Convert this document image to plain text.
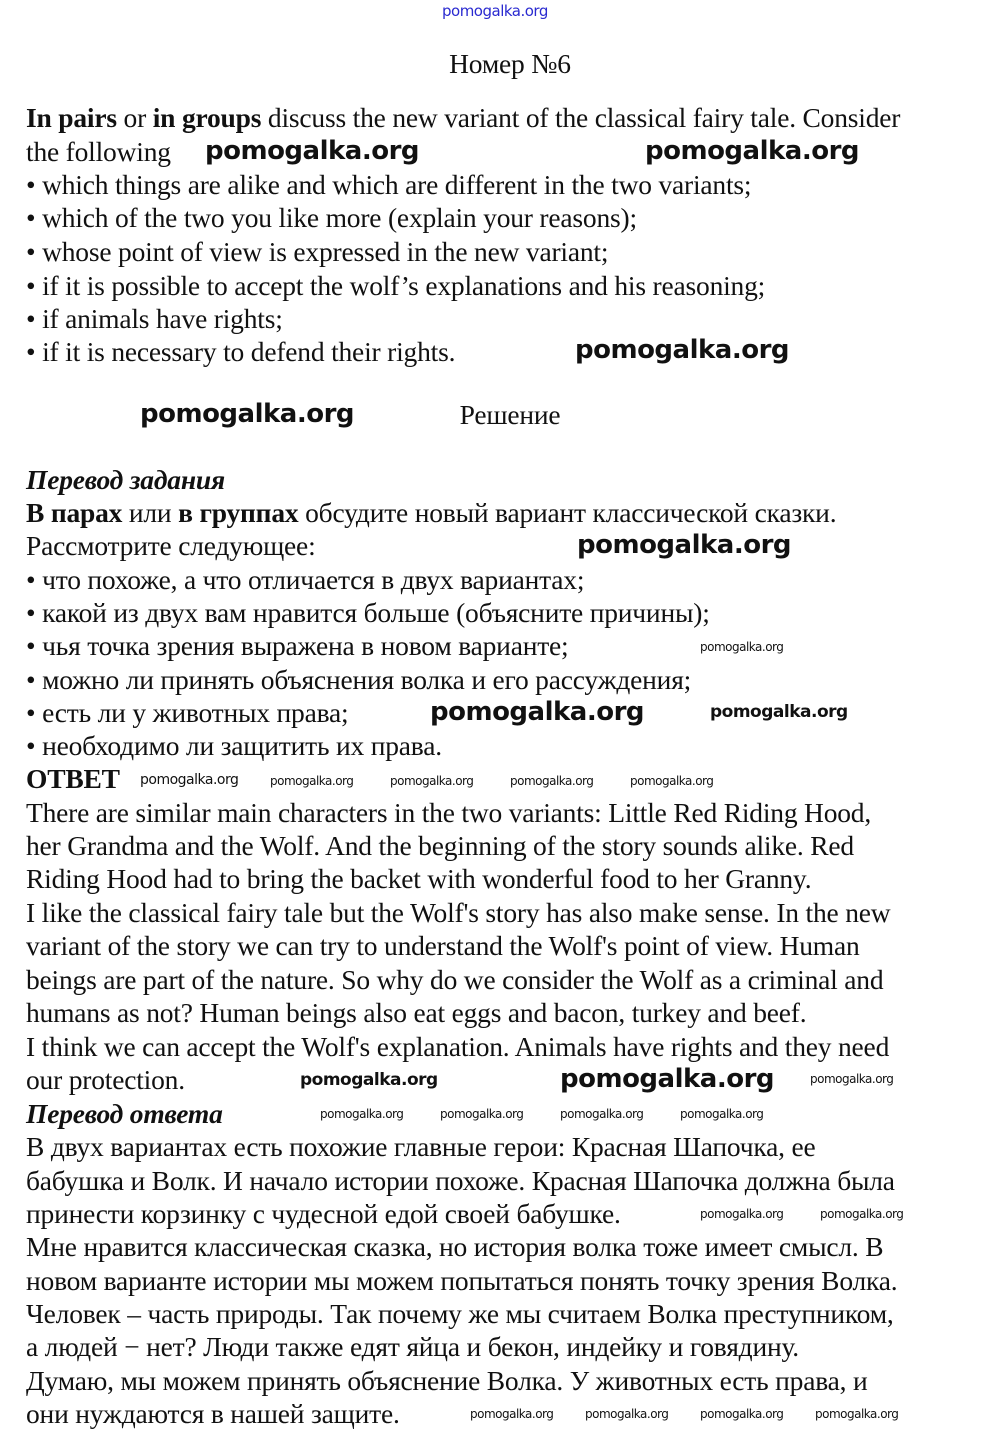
pomogalka.org
Номер №6
In pairs or in groups discuss the new variant of the classical fairy tale. Consider
the following
• which things are alike and which are different in the two variants;
• which of the two you like more (explain your reasons);
• whose point of view is expressed in the new variant;
• if it is possible to accept the wolf’s explanations and his reasoning;
• if animals have rights;
• if it is necessary to defend their rights.
Решение
Перевод задания
В парах или в группах обсудите новый вариант классической сказки.
Рассмотрите следующее:
• что похоже, а что отличается в двух вариантах;
• какой из двух вам нравится больше (объясните причины);
• чья точка зрения выражена в новом варианте;
• можно ли принять объяснения волка и его рассуждения;
• есть ли у животных права;
• необходимо ли защитить их права.
ОТВЕТ
There are similar main characters in the two variants: Little Red Riding Hood,
her Grandma and the Wolf. And the beginning of the story sounds alike. Red
Riding Hood had to bring the backet with wonderful food to her Granny.
I like the classical fairy tale but the Wolf's story has also make sense. In the new
variant of the story we can try to understand the Wolf's point of view. Human
beings are part of the nature. So why do we consider the Wolf as a criminal and
humans as not? Human beings also eat eggs and bacon, turkey and beef.
I think we can accept the Wolf's explanation. Animals have rights and they need
our protection.
Перевод ответа
В двух вариантах есть похожие главные герои: Красная Шапочка, ее
бабушка и Волк. И начало истории похоже. Красная Шапочка должна была
принести корзинку с чудесной едой своей бабушке.
Мне нравится классическая сказка, но история волка тоже имеет смысл. В
новом варианте истории мы можем попытаться понять точку зрения Волка.
Человек – часть природы. Так почему же мы считаем Волка преступником,
а людей − нет? Люди также едят яйца и бекон, индейку и говядину.
Думаю, мы можем принять объяснение Волка. У животных есть права, и
они нуждаются в нашей защите.
pomogalka.org	pomogalka.org
pomogalka.org
pomogalka.org
pomogalka.org
pomogalka.org
pomogalka.org
pomogalka.org
pomogalka.org
pomogalka.org
pomogalka.org
pomogalka.org	pomogalka.org	pomogalka.org	pomogalka.org
pomogalka.org
pomogalka.org	pomogalka.org
pomogalka.org	pomogalka.org	pomogalka.org	pomogalka.org
pomogalka.org	pomogalka.org	pomogalka.org	pomogalka.org
